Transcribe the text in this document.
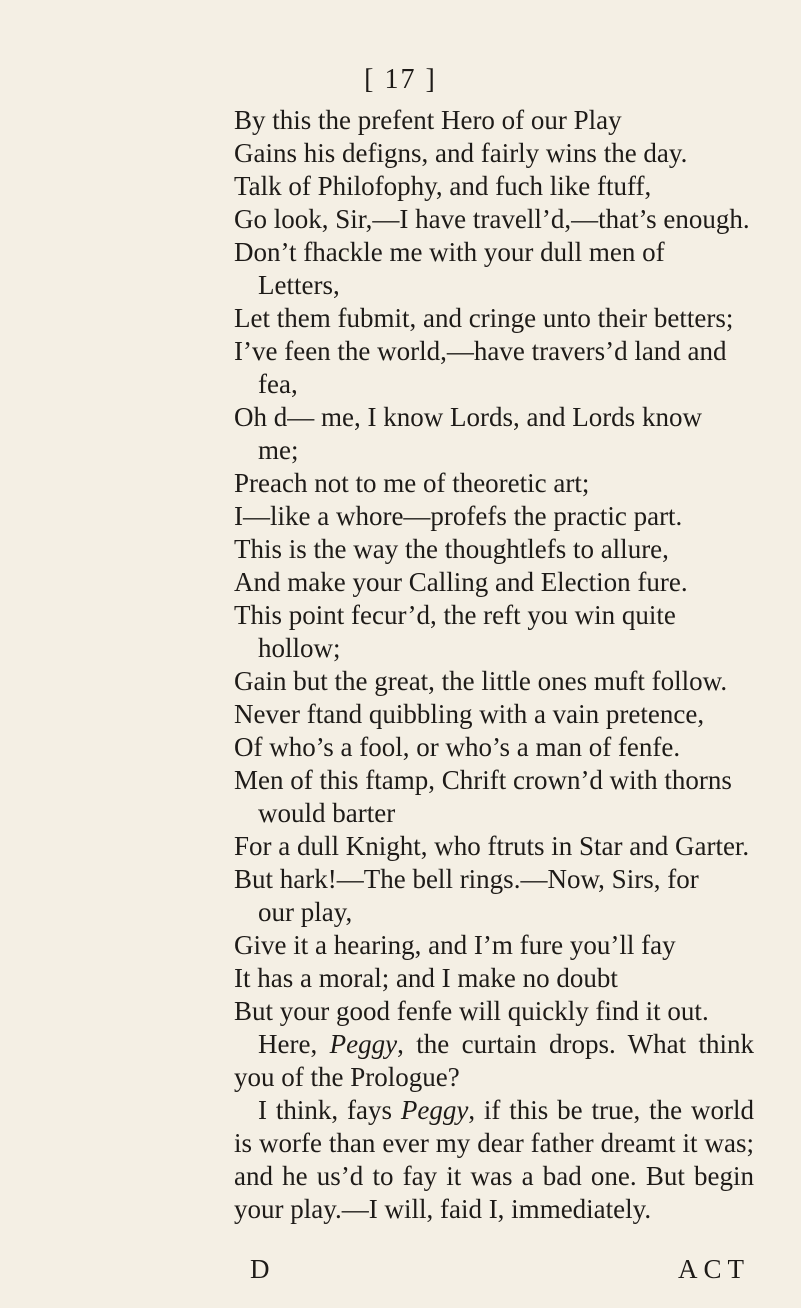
[ 17 ]
By this the prefent Hero of our Play
Gains his defigns, and fairly wins the day.
Talk of Philofophy, and fuch like ftuff,
Go look, Sir,—I have travell’d,—that’s enough.
Don’t fhackle me with your dull men of
Letters,
Let them fubmit, and cringe unto their betters;
I’ve feen the world,—have travers’d land and
fea,
Oh d— me, I know Lords, and Lords know
me;
Preach not to me of theoretic art;
I—like a whore—profefs the practic part.
This is the way the thoughtlefs to allure,
And make your Calling and Election fure.
This point fecur’d, the reft you win quite
hollow;
Gain but the great, the little ones muft follow.
Never ftand quibbling with a vain pretence,
Of who’s a fool, or who’s a man of fenfe.
Men of this ftamp, Chrift crown’d with thorns
would barter
For a dull Knight, who ftruts in Star and Garter.
But hark!—The bell rings.—Now, Sirs, for
our play,
Give it a hearing, and I’m fure you’ll fay
It has a moral; and I make no doubt
But your good fenfe will quickly find it out.
Here, Peggy, the curtain drops. What think you of the Prologue?
I think, fays Peggy, if this be true, the world is worfe than ever my dear father dreamt it was; and he us’d to fay it was a bad one. But begin your play.—I will, faid I, immediately.
D	ACT
